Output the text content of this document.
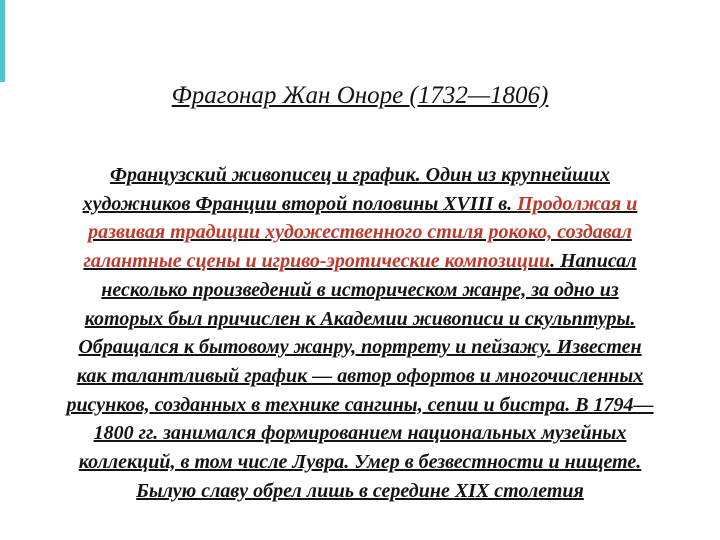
Фрагонар Жан Оноре (1732—1806)
Французский живописец и график. Один из крупнейших
художников Франции второй половины XVIII в. Продолжая и
развивая традиции художественного стиля рококо, создавал
галантные сцены и игриво-эротические композиции. Написал
несколько произведений в историческом жанре, за одно из
которых был причислен к Академии живописи и скульптуры.
Обращался к бытовому жанру, портрету и пейзажу. Известен
как талантливый график — автор офортов и многочисленных
рисунков, созданных в технике сангины, сепии и бистра. В 1794—
1800 гг. занимался формированием национальных музейных
коллекций, в том числе Лувра. Умер в безвестности и нищете.
Былую славу обрел лишь в середине XIX столетия
